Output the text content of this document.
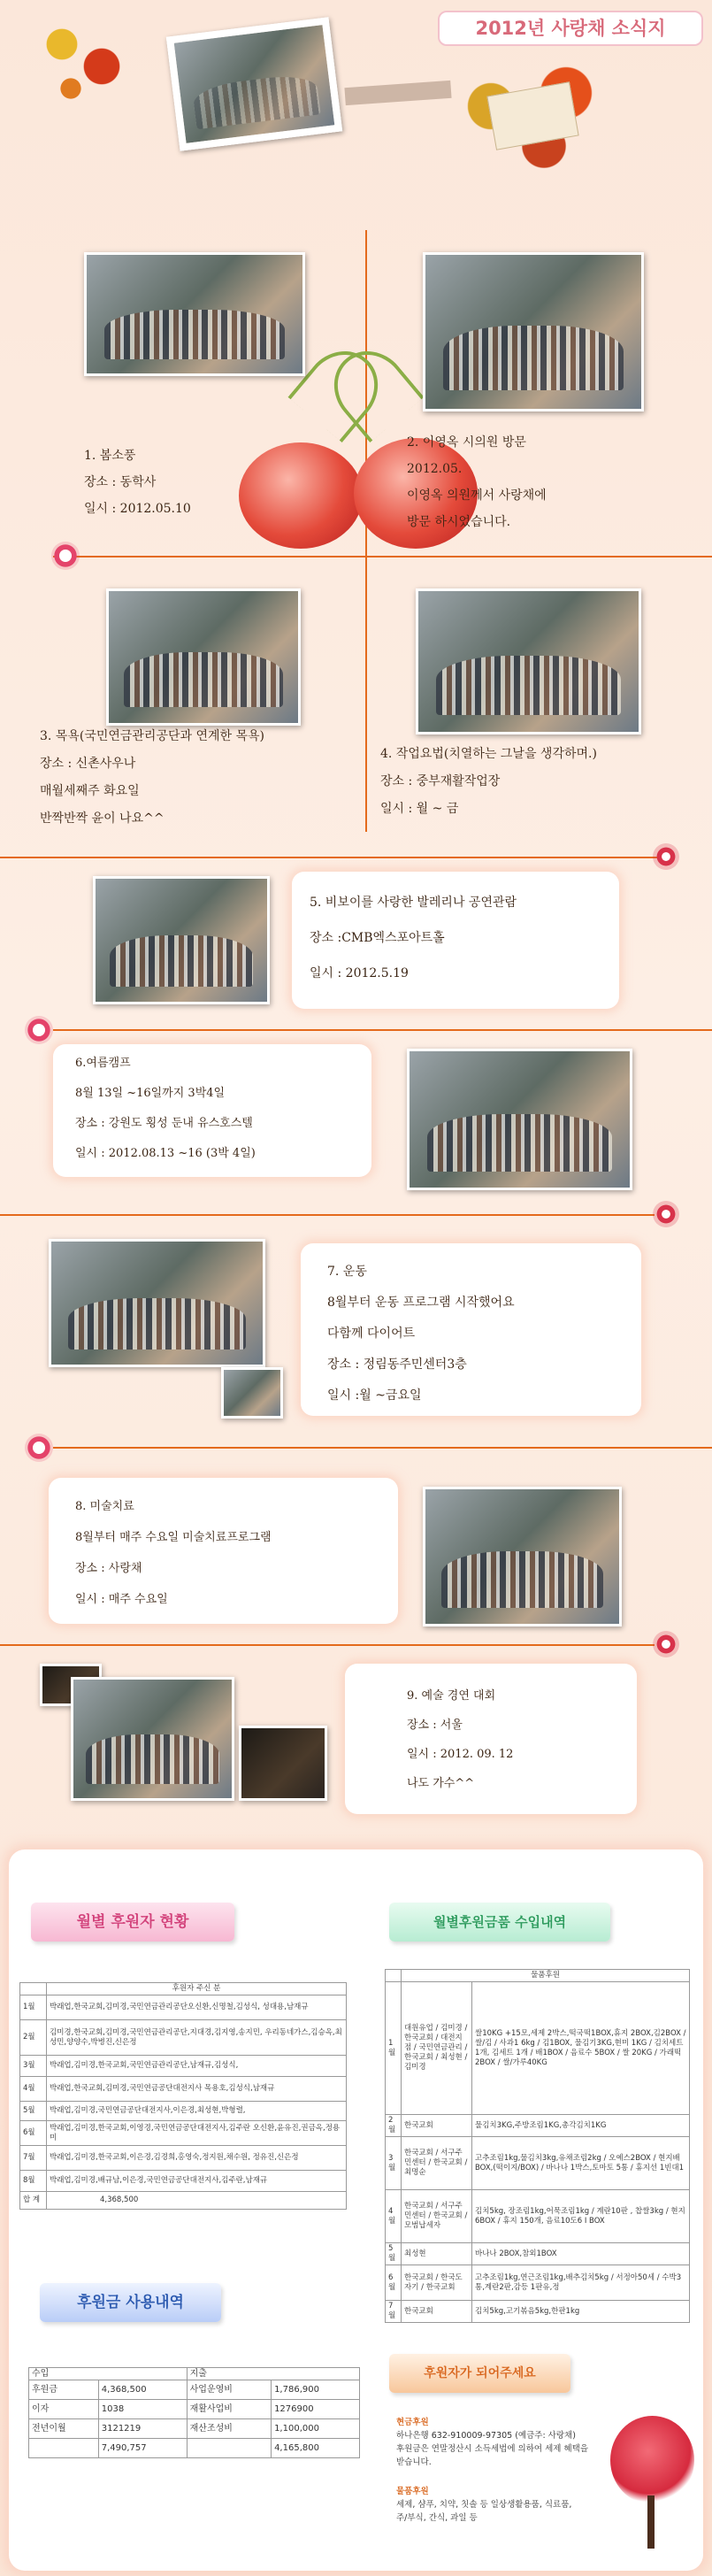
2012년 사랑채 소식지
1. 봄소풍
장소 : 동학사
일시 : 2012.05.10
2. 이영옥 시의원 방문
2012.05.
이영옥 의원께서 사랑채에
방문 하시었습니다.
♥
3. 목욕(국민연금관리공단과 연계한 목욕)
장소 : 신촌사우나
매월세째주 화요일
반짝반짝 윤이 나요^^
4. 작업요법(치열하는 그날을 생각하며.)
장소 : 중부재활작업장
일시 : 월 ~ 금
5. 비보이를 사랑한 발레리나 공연관람
장소 :CMB엑스포아트홀
일시 : 2012.5.19
♥
6.여름캠프
8월 13일 ~16일까지 3박4일
장소 : 강원도 횡성 둔내 유스호스텔
일시 : 2012.08.13 ~16 (3박 4일)
7. 운동
8월부터 운동 프로그램 시작했어요
다함께 다이어트
장소 : 정림동주민센터3층
일시 :월 ~금요일
♥
8. 미술치료
8월부터 매주 수요일 미술치료프로그램
장소 : 사랑채
일시 : 매주 수요일
9. 예술 경연 대회
장소 : 서울
일시 : 2012. 09. 12
나도 가수^^
월별 후원자 현황	월별후원금품 수입내역
	후원자 주신 분
1월	박래업,한국교회,김미경,국민연금관리공단오신환,신명철,김성식, 성대용,남재규
2월	김미경,한국교회,김미경,국민연금관리공단,지대경,김지영,송지민, 우리동네가스,김승옥,최성민,양양수,박병진,신은정
3월	박래업,김미경,한국교회,국민연금관리공단,남재규,김성식,
4월	박래업,한국교회,김미경,국민연금공단대전지사 목용호,김성식,남재규
5월	박래업,김미경,국민연금공단대전지사,이은경,최성현,박형렬,
6월	박래업,김미경,한국교회,이영경,국민연금공단대전지사,김주란 오신환,윤유진,권금옥,정용미
7월	박래업,김미경,한국교회,이은경,김경희,홍영숙,정지원,채수원, 정유진,신은정
8월	박래업,김미경,배규남,이은경,국민연금공단대전지사,김주란,남재규
합 계	4,368,500
	물품후원	
1월	대원유업 / 김미경 / 한국교회 / 대전지점 / 국민연금관리 / 한국교회 / 최성현 / 김미경	쌀10KG +15모,세제 2박스,떡국떡1BOX,휴지 2BOX,김2BOX / 쌀/김 / 사과1 6kg / 김1BOX, 물김기3KG,현미 1KG / 김치세트 1개, 김세트 1개 / 배1BOX / 음료수 5BOX / 쌀 20KG / 가래떡 2BOX / 쌀/가루40KG
2월	한국교회	물김치3KG,주방조림1KG,총각김치1KG
3월	한국교회 / 서구주민센터 / 한국교회 / 최명순	고추조림1kg,물김치3kg,유채조림2kg / 오예스2BOX / 현지배BOX,(떡이지/BOX) / 바나나 1박스,토마토 5통 / 휴지선 1빈대1
4월	한국교회 / 서구주민센터 / 한국교회 / 모범납세자	김치5kg, 장조림1kg,어묵조림1kg / 계란10판 , 찹쌀3kg / 현지6BOX / 휴지 150개, 음료10도6 I BOX
5월	최성현	바나나 2BOX,참외1BOX
6월	한국교회 / 한국도자기 / 한국교회	고추조림1kg,연근조림1kg,배추김치5kg / 서정아50세 / 수박3통,계란2판,감등 1판유,정
7월	한국교회	김치5kg,고기볶음5kg,한판1kg
후원금 사용내역
수입		지출	
후원금	4,368,500	사업운영비	1,786,900
이자	1038	재활사업비	1276900
전년이월	3121219	재산조성비	1,100,000
	7,490,757		4,165,800
후원자가 되어주세요
현금후원
하나은행 632-910009-97305 (예금주: 사랑채)
후원금은 연말정산시 소득세법에 의하여 세제 혜택을
받습니다.
물품후원
세제, 샴푸, 치약, 칫솔 등 일상생활용품, 식료품,
주/부식, 간식, 과일 등
